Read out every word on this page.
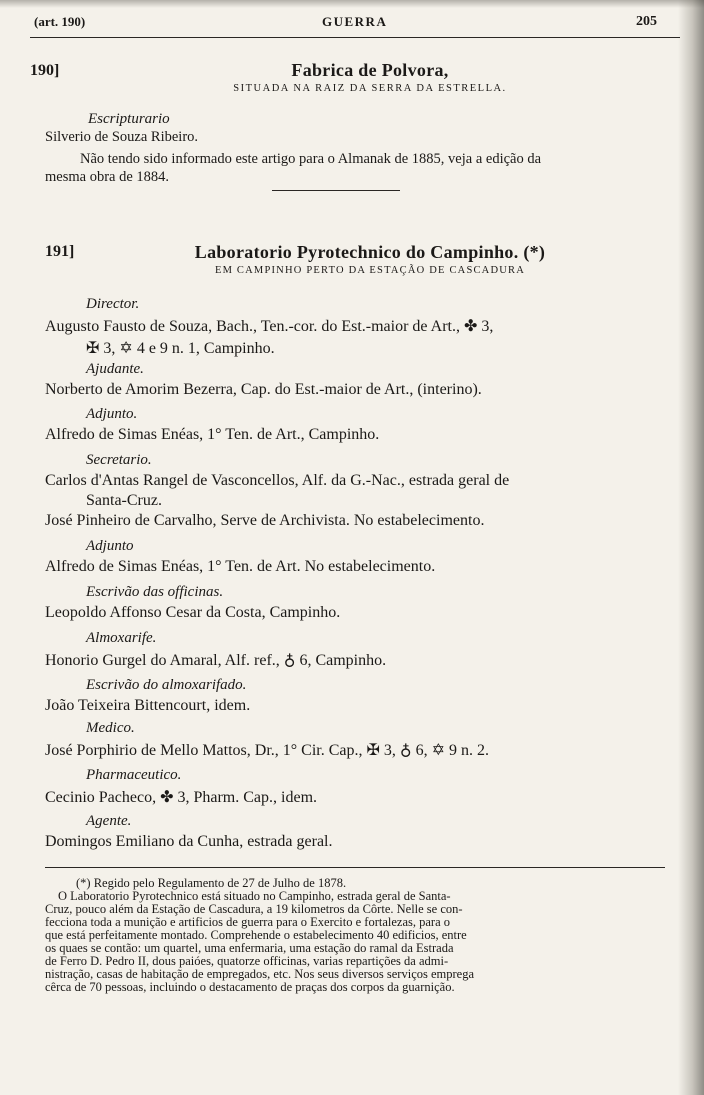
(art. 190)	GUERRA	205
190]	Fabrica de Polvora,
SITUADA NA RAIZ DA SERRA DA ESTRELLA.
Escripturario
Silverio de Souza Ribeiro.
Não tendo sido informado este artigo para o Almanak de 1885, veja a edição da
mesma obra de 1884.
191]	Laboratorio Pyrotechnico do Campinho. (*)
EM CAMPINHO PERTO DA ESTAÇÃO DE CASCADURA
Director.
Augusto Fausto de Souza, Bach., Ten.-cor. do Est.-maior de Art., ✤ 3,
✠ 3, ✡ 4 e 9 n. 1, Campinho.
Ajudante.
Norberto de Amorim Bezerra, Cap. do Est.-maior de Art., (interino).
Adjunto.
Alfredo de Simas Enéas, 1° Ten. de Art., Campinho.
Secretario.
Carlos d'Antas Rangel de Vasconcellos, Alf. da G.-Nac., estrada geral de
Santa-Cruz.
José Pinheiro de Carvalho, Serve de Archivista. No estabelecimento.
Adjunto
Alfredo de Simas Enéas, 1° Ten. de Art. No estabelecimento.
Escrivão das officinas.
Leopoldo Affonso Cesar da Costa, Campinho.
Almoxarife.
Honorio Gurgel do Amaral, Alf. ref., ♁ 6, Campinho.
Escrivão do almoxarifado.
João Teixeira Bittencourt, idem.
Medico.
José Porphirio de Mello Mattos, Dr., 1° Cir. Cap., ✠ 3, ♁ 6, ✡ 9 n. 2.
Pharmaceutico.
Cecinio Pacheco, ✤ 3, Pharm. Cap., idem.
Agente.
Domingos Emiliano da Cunha, estrada geral.
(*) Regido pelo Regulamento de 27 de Julho de 1878.
O Laboratorio Pyrotechnico está situado no Campinho, estrada geral de Santa-
Cruz, pouco além da Estação de Cascadura, a 19 kilometros da Côrte. Nelle se con-
fecciona toda a munição e artificios de guerra para o Exercito e fortalezas, para o
que está perfeitamente montado. Comprehende o estabelecimento 40 edificios, entre
os quaes se contão: um quartel, uma enfermaria, uma estação do ramal da Estrada
de Ferro D. Pedro II, dous paióes, quatorze officinas, varias repartições da admi-
nistração, casas de habitação de empregados, etc. Nos seus diversos serviços emprega
cêrca de 70 pessoas, incluindo o destacamento de praças dos corpos da guarnição.
